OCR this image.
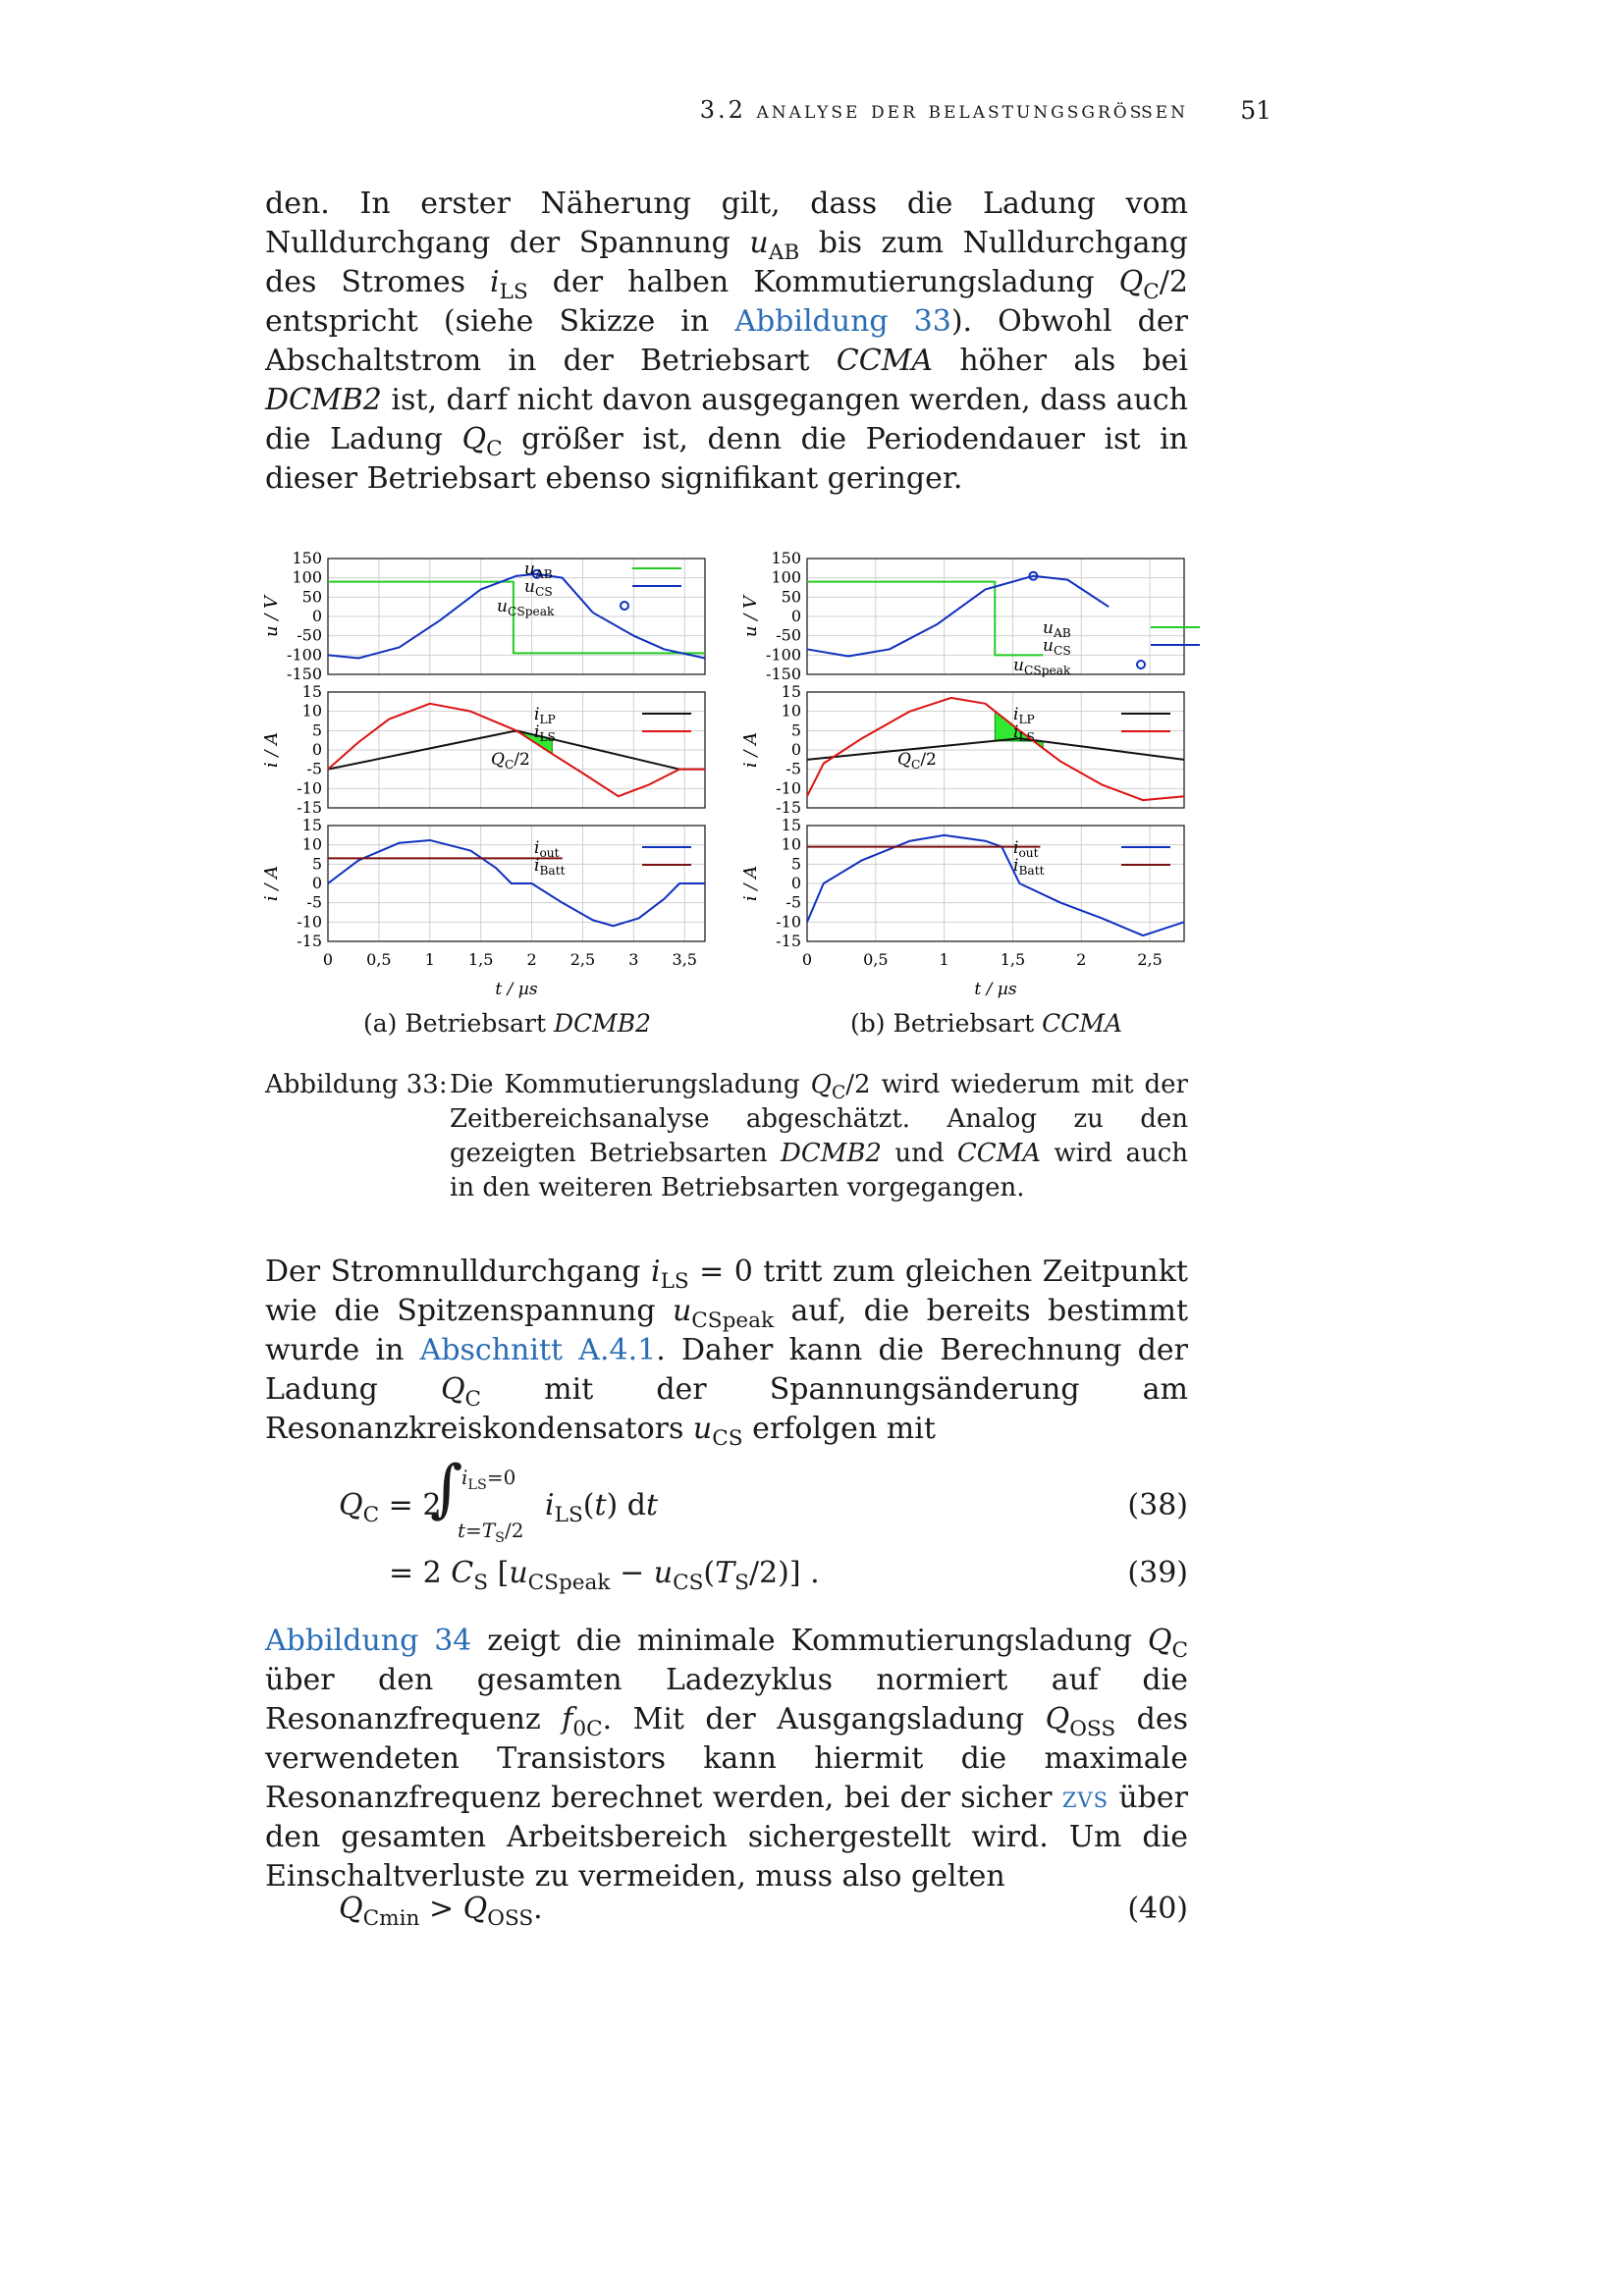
3.2 analyse der belastungsgrößen 51

den. In erster Näherung gilt, dass die Ladung vom Nulldurchgang der Spannung $u_{AB}$ bis zum Nulldurchgang des Stromes $i_{LS}$ der halben Kommutierungsladung $Q_C/2$ entspricht (siehe Skizze in Abbildung 33). Obwohl der Abschaltstrom in der Betriebsart CCMA höher als bei DCMB2 ist, darf nicht davon ausgegangen werden, dass auch die Ladung $Q_C$ größer ist, denn die Periodendauer ist in dieser Betriebsart ebenso signifikant geringer.

150
100
50
0
-50
-100
-150
u / V
$u_{AB}$
$u_{CS}$
$u_{CSpeak}$
15
10
5
0
-5
-10
-15
i / A	$Q_C/2$
$i_{LP}$
$i_{LS}$
15
10
5
0
-5
-10
-15
i / A
$i_{out}$
$i_{Batt}$
0 0,5 1 1,5 2 2,5 3 3,5
t / µs
150
100
50
0
-50
-100
-150
u / V	$u_{AB}$
$u_{CS}$
$u_{CSpeak}$
15
10
5
0
-5
-10
-15
i / A	$Q_C/2$
$i_{LP}$
$i_{LS}$
15
10
5
0
-5
-10
-15
i / A
$i_{out}$
$i_{Batt}$
0	0,5	1	1,5	2	2,5
t / µs
(a) Betriebsart DCMB2	(b) Betriebsart CCMA
Abbildung 33: Die Kommutierungsladung $Q_C/2$ wird wiederum mit der Zeitbereichsanalyse abgeschätzt. Analog zu den gezeigten Betriebsarten DCMB2 und CCMA wird auch in den weiteren Betriebsarten vorgegangen.

Der Stromnulldurchgang $i_{LS} = 0$ tritt zum gleichen Zeitpunkt wie die Spitzenspannung $u_{CSpeak}$ auf, die bereits bestimmt wurde in Abschnitt A.4.1. Daher kann die Berechnung der Ladung $Q_C$ mit der Spannungsänderung am Resonanzkreiskondensators $u_{CS}$ erfolgen mit

$Q_C = 2$
∫
$i_{LS}=0$
$t=T_S/2$
$i_{LS}(t)$ dt	(38)
= 2 $C_S$ $[u_{CSpeak} - u_{CS}(T_S/2)]$ .	(39)

Abbildung 34 zeigt die minimale Kommutierungsladung $Q_C$ über den gesamten Ladezyklus normiert auf die Resonanzfrequenz $f_{0C}$. Mit der Ausgangsladung $Q_{OSS}$ des verwendeten Transistors kann hiermit die maximale Resonanzfrequenz berechnet werden, bei der sicher zvs über den gesamten Arbeitsbereich sichergestellt wird. Um die Einschaltverluste zu vermeiden, muss also gelten

$Q_{Cmin} > Q_{OSS}$.	(40)
